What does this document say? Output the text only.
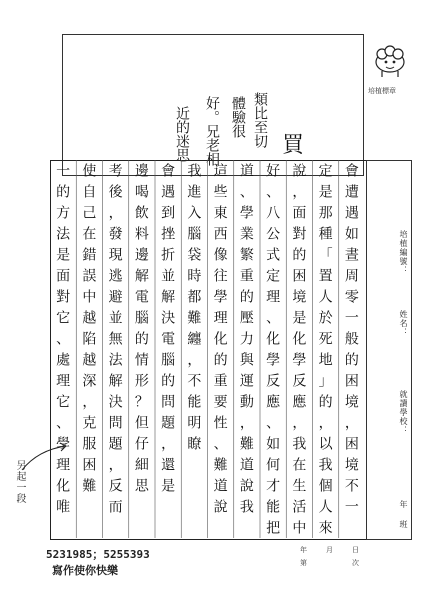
培植標章
買
類比至切
體驗很
好。兄老相
近的迷思
會
遭
遇
如
晝
周
零
一
般
的
困
境
，
困
境
不
一
定
是
那
種
「
置
人
於
死
地
」
的
，
以
我
個
人
來
說
，
面
對
的
困
境
是
化
學
反
應
，
我
在
生
活
中
好
、
八
公
式
定
理
、
化
學
反
應
、
如
何
才
能
把
道
、
學
業
繁
重
的
壓
力
與
運
動
，
難
道
說
我
這
些
東
西
像
往
學
理
化
的
重
要
性
、
難
道
說
我
進
入
腦
袋
時
都
難
纏
，
不
能
明
瞭
會
遇
到
挫
折
並
解
決
電
腦
的
問
題
，
還
是
邊
喝
飲
料
邊
解
電
腦
的
情
形
？
但
仔
細
思
考
後
，
發
現
逃
避
並
無
法
解
決
問
題
，
反
而
使
自
己
在
錯
誤
中
越
陷
越
深
，
克
服
困
難
一
的
方
法
是
面
對
它
、
處
理
它
、
學
理
化
唯
培植編號：
姓名：
就讀學校：
年
班
年	月	日
第	次
另起一段
5231985；5255393
寫作使你快樂
